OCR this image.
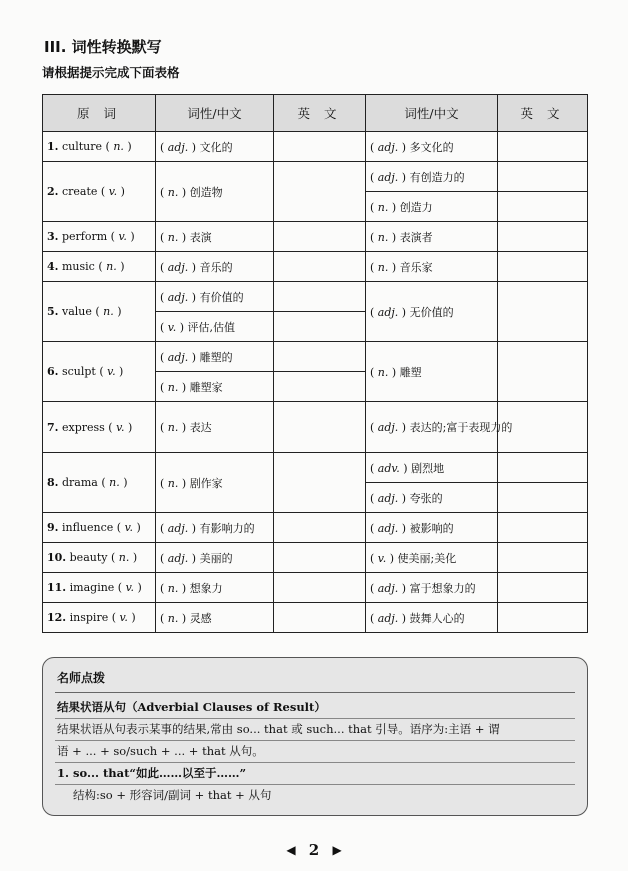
III. 词性转换默写
请根据提示完成下面表格
原 词	词性/中文	英 文	词性/中文	英 文
1. culture ( n. )	( adj. ) 文化的		( adj. ) 多文化的	
2. create ( v. )	( n. ) 创造物		( adj. ) 有创造力的	
			( n. ) 创造力	
3. perform ( v. )	( n. ) 表演		( n. ) 表演者	
4. music ( n. )	( adj. ) 音乐的		( n. ) 音乐家	
5. value ( n. )	( adj. ) 有价值的		( adj. ) 无价值的	
	( v. ) 评估,估值			
6. sculpt ( v. )	( adj. ) 雕塑的		( n. ) 雕塑	
	( n. ) 雕塑家			
7. express ( v. )	( n. ) 表达		( adj. ) 表达的;富于表现力的	
8. drama ( n. )	( n. ) 剧作家		( adv. ) 剧烈地	
			( adj. ) 夸张的	
9. influence ( v. )	( adj. ) 有影响力的		( adj. ) 被影响的	
10. beauty ( n. )	( adj. ) 美丽的		( v. ) 使美丽;美化	
11. imagine ( v. )	( n. ) 想象力		( adj. ) 富于想象力的	
12. inspire ( v. )	( n. ) 灵感		( adj. ) 鼓舞人心的	
名师点拨
结果状语从句（Adverbial Clauses of Result）
结果状语从句表示某事的结果,常由 so... that 或 such... that 引导。语序为:主语 + 谓
语 + ... + so/such + ... + that 从句。
1. so... that“如此……以至于……”
结构:so + 形容词/副词 + that + 从句
◀ 2 ▶
